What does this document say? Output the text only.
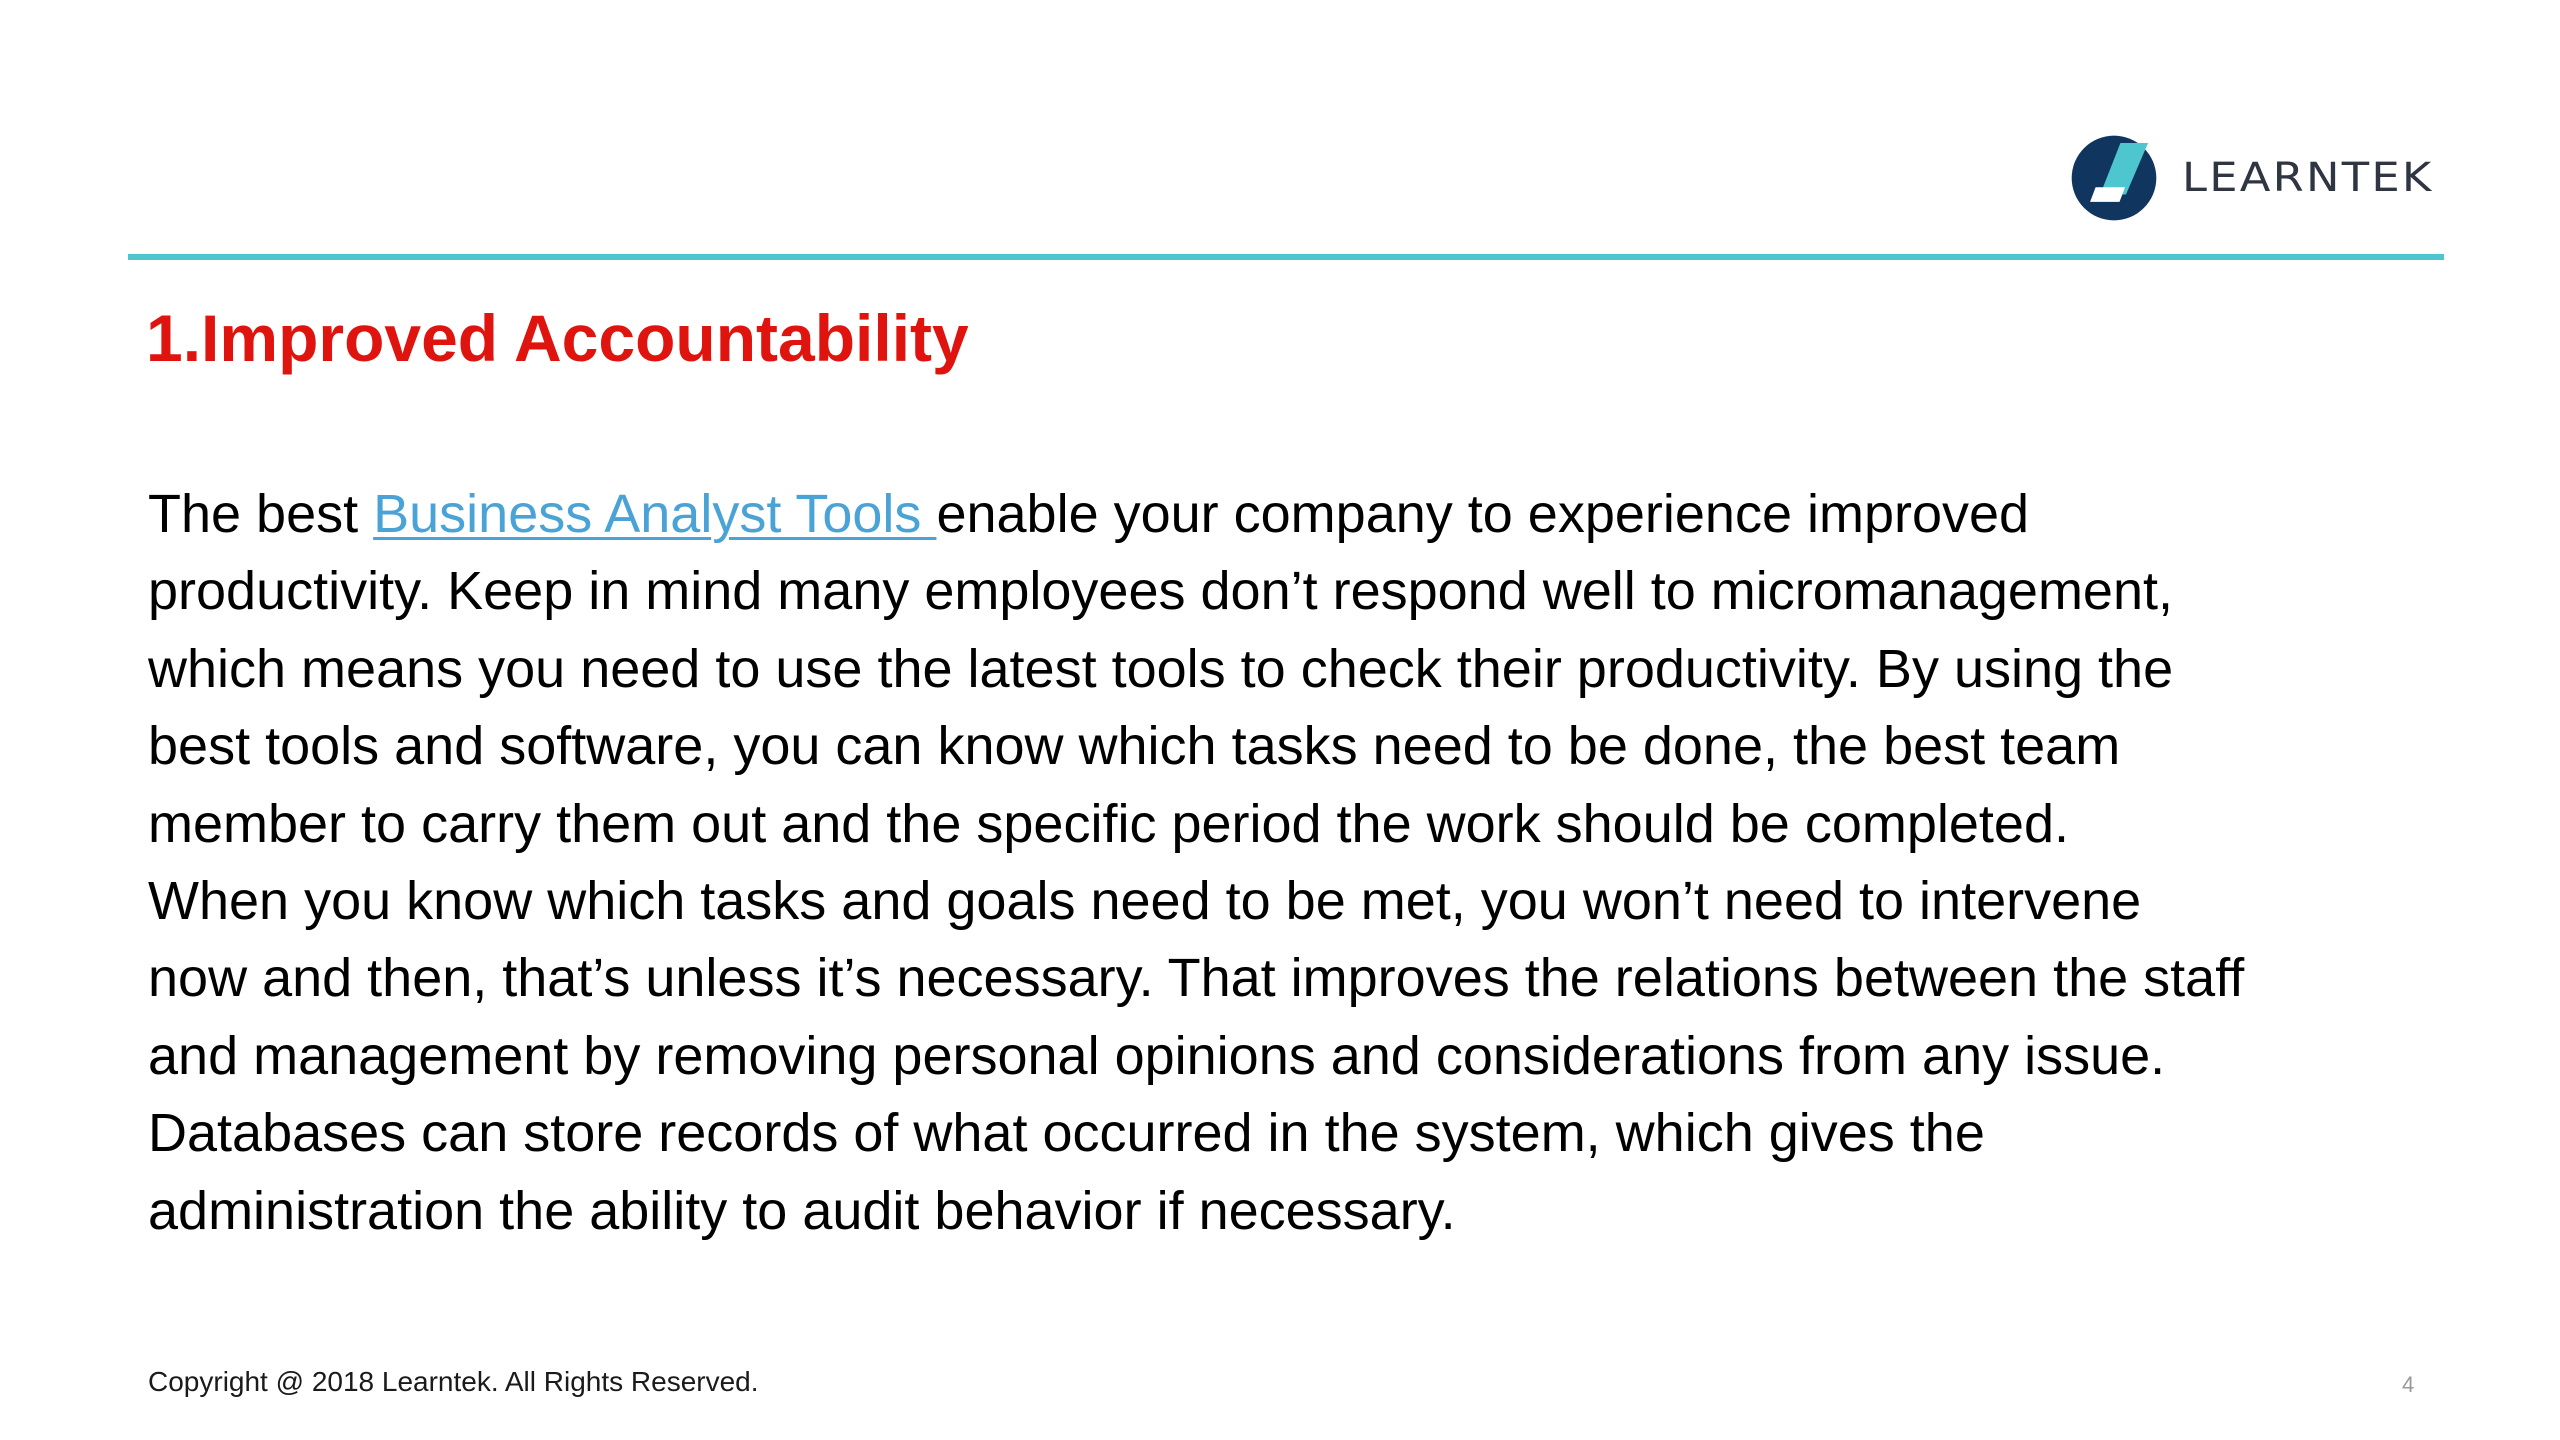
LEARNTEK
1.Improved Accountability
The best Business Analyst Tools enable your company to experience improved
productivity. Keep in mind many employees don’t respond well to micromanagement,
which means you need to use the latest tools to check their productivity. By using the
best tools and software, you can know which tasks need to be done, the best team
member to carry them out and the specific period the work should be completed.
When you know which tasks and goals need to be met, you won’t need to intervene
now and then, that’s unless it’s necessary. That improves the relations between the staff
and management by removing personal opinions and considerations from any issue.
Databases can store records of what occurred in the system, which gives the
administration the ability to audit behavior if necessary.
Copyright @ 2018 Learntek. All Rights Reserved.	4
